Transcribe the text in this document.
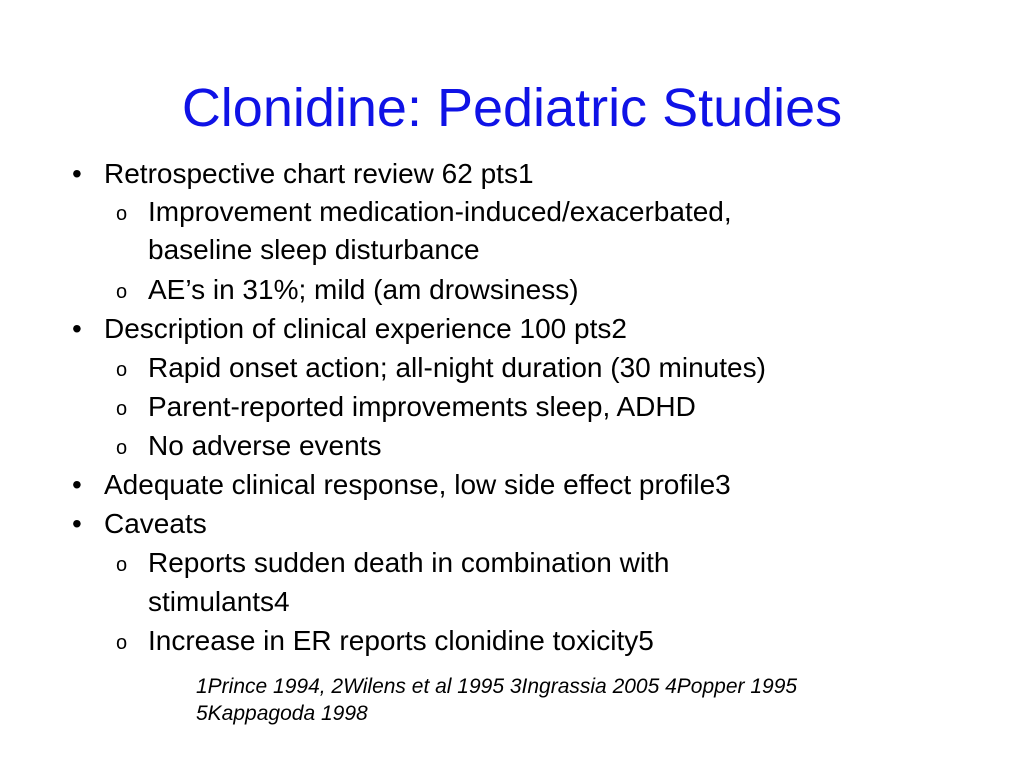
Clonidine: Pediatric Studies
• Retrospective chart review 62 pts1
o Improvement medication-induced/exacerbated,
baseline sleep disturbance
o AE’s in 31%; mild (am drowsiness)
• Description of clinical experience 100 pts2
o Rapid onset action; all-night duration (30 minutes)
o Parent-reported improvements sleep, ADHD
o No adverse events
• Adequate clinical response, low side effect profile3
• Caveats
o Reports sudden death in combination with
stimulants4
o Increase in ER reports clonidine toxicity5
1Prince 1994, 2Wilens et al 1995 3Ingrassia 2005 4Popper 1995
5Kappagoda 1998
